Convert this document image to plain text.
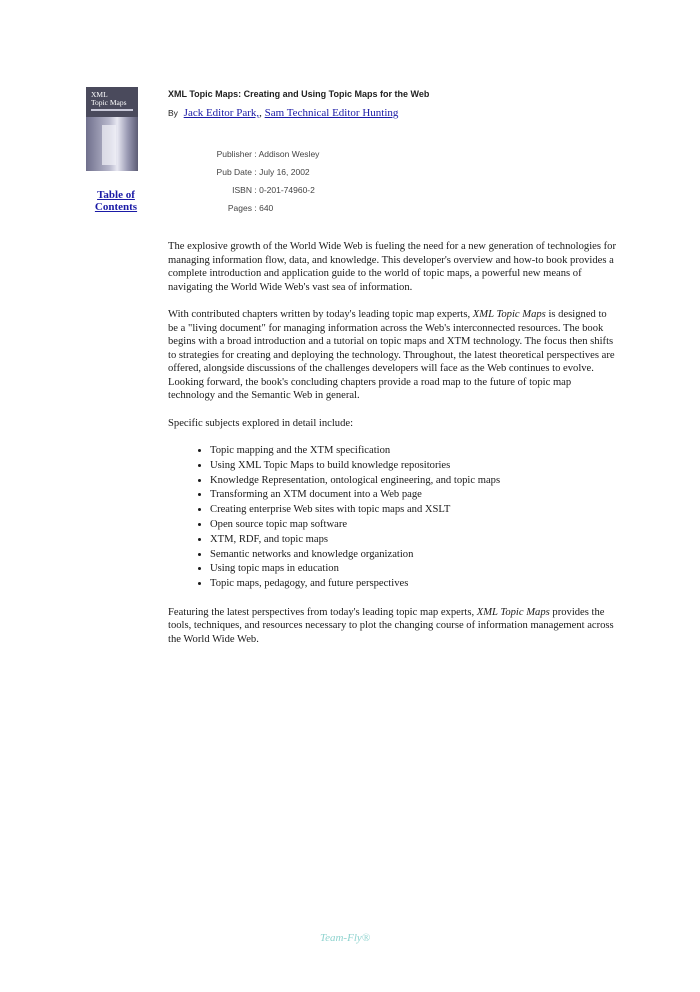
XML
Topic Maps
Table of
Contents
XML Topic Maps: Creating and Using Topic Maps for the Web
By Jack Editor Park,, Sam Technical Editor Hunting
Publisher : Addison Wesley
Pub Date : July 16, 2002
ISBN : 0-201-74960-2
Pages : 640

The explosive growth of the World Wide Web is fueling the need for a new generation of technologies for managing information flow, data, and knowledge. This developer's overview and how-to book provides a complete introduction and application guide to the world of topic maps, a powerful new means of navigating the World Wide Web's vast sea of information.

With contributed chapters written by today's leading topic map experts, XML Topic Maps is designed to be a "living document" for managing information across the Web's interconnected resources. The book begins with a broad introduction and a tutorial on topic maps and XTM technology. The focus then shifts to strategies for creating and deploying the technology. Throughout, the latest theoretical perspectives are offered, alongside discussions of the challenges developers will face as the Web continues to evolve. Looking forward, the book's concluding chapters provide a road map to the future of topic map technology and the Semantic Web in general.

Specific subjects explored in detail include:

• Topic mapping and the XTM specification
• Using XML Topic Maps to build knowledge repositories
• Knowledge Representation, ontological engineering, and topic maps
• Transforming an XTM document into a Web page
• Creating enterprise Web sites with topic maps and XSLT
• Open source topic map software
• XTM, RDF, and topic maps
• Semantic networks and knowledge organization
• Using topic maps in education
• Topic maps, pedagogy, and future perspectives

Featuring the latest perspectives from today's leading topic map experts, XML Topic Maps provides the tools, techniques, and resources necessary to plot the changing course of information management across the World Wide Web.

Team-Fly®
